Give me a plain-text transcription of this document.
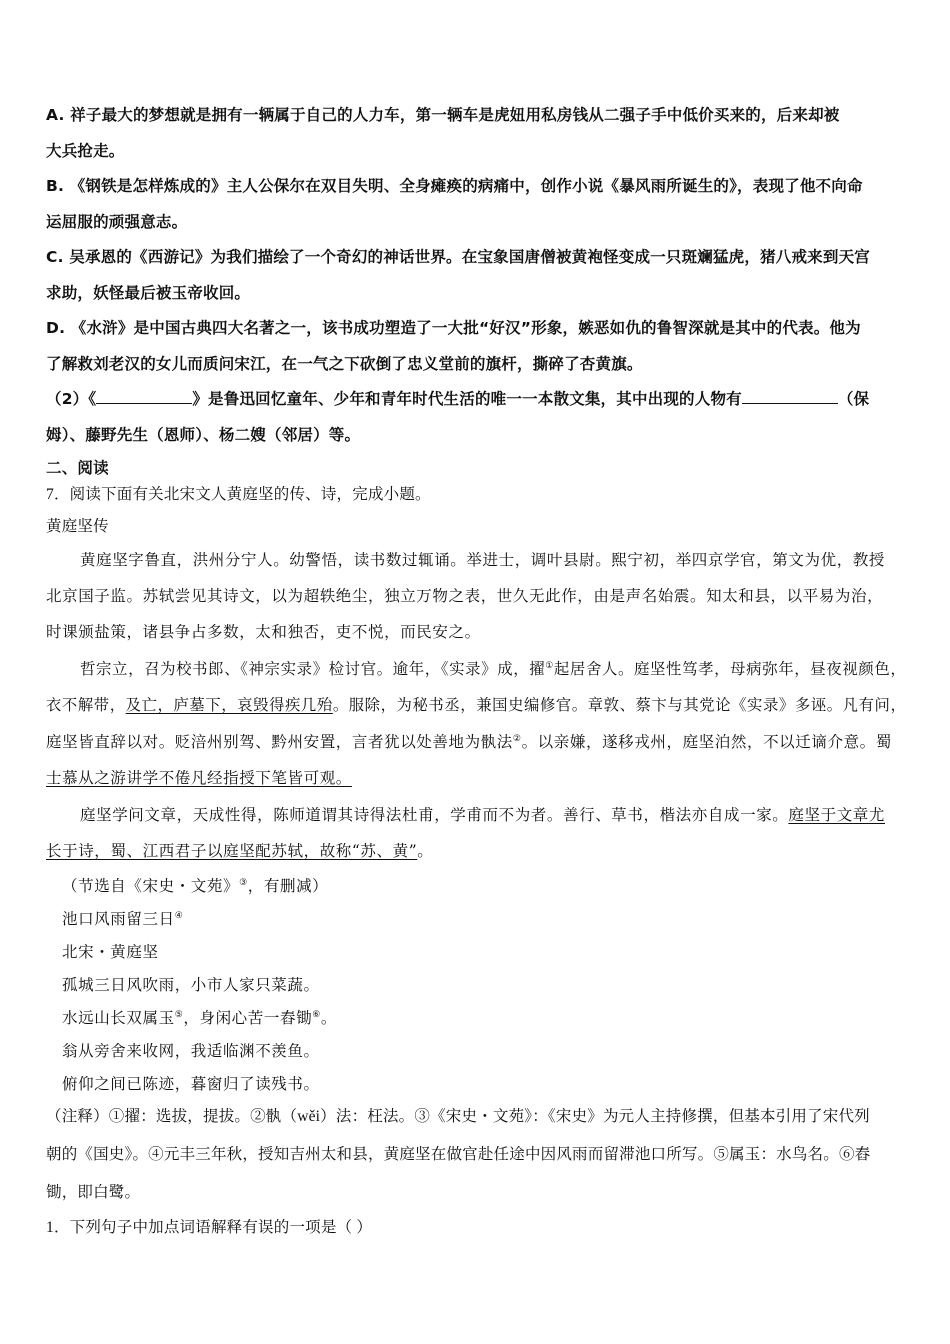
A. 祥子最大的梦想就是拥有一辆属于自己的人力车，第一辆车是虎妞用私房钱从二强子手中低价买来的，后来却被
大兵抢走。
B. 《钢铁是怎样炼成的》主人公保尔在双目失明、全身瘫痪的病痛中，创作小说《暴风雨所诞生的》，表现了他不向命
运屈服的顽强意志。
C. 吴承恩的《西游记》为我们描绘了一个奇幻的神话世界。在宝象国唐僧被黄袍怪变成一只斑斓猛虎，猪八戒来到天宫
求助，妖怪最后被玉帝收回。
D. 《水浒》是中国古典四大名著之一，该书成功塑造了一大批“好汉”形象，嫉恶如仇的鲁智深就是其中的代表。他为
了解救刘老汉的女儿而质问宋江，在一气之下砍倒了忠义堂前的旗杆，撕碎了杏黄旗。
（2）《	》是鲁迅回忆童年、少年和青年时代生活的唯一一本散文集，其中出现的人物有	（保
姆）、藤野先生（恩师）、杨二嫂（邻居）等。
二、阅读
7．阅读下面有关北宋文人黄庭坚的传、诗，完成小题。
黄庭坚传
黄庭坚字鲁直，洪州分宁人。幼警悟，读书数过辄诵。举进士，调叶县尉。熙宁初，举四京学官，第文为优，教授
北京国子监。苏轼尝见其诗文，以为超轶绝尘，独立万物之表，世久无此作，由是声名始震。知太和县，以平易为治，
时课颁盐策，诸县争占多数，太和独否，吏不悦，而民安之。
哲宗立，召为校书郎、《神宗实录》检讨官。逾年，《实录》成，擢①起居舍人。庭坚性笃孝，母病弥年，昼夜视颜色，
衣不解带，及亡，庐墓下，哀毁得疾几殆。服除，为秘书丞，兼国史编修官。章敦、蔡卞与其党论《实录》多诬。凡有问，
庭坚皆直辞以对。贬涪州别驾、黔州安置，言者犹以处善地为骫法②。以亲嫌，遂移戎州，庭坚泊然，不以迁谪介意。蜀
士慕从之游讲学不倦凡经指授下笔皆可观。
庭坚学问文章，天成性得，陈师道谓其诗得法杜甫，学甫而不为者。善行、草书，楷法亦自成一家。庭坚于文章尤
长于诗，蜀、江西君子以庭坚配苏轼，故称“苏、黄”。
（节选自《宋史・文苑》③，有删减）
池口风雨留三日④
北宋・黄庭坚
孤城三日风吹雨，小市人家只菜蔬。
水远山长双属玉⑤，身闲心苦一舂锄⑥。
翁从旁舍来收网，我适临渊不羡鱼。
俯仰之间已陈迹，暮窗归了读残书。
（注释）①擢：选拔，提拔。②骫（wěi）法：枉法。③《宋史・文苑》：《宋史》为元人主持修撰，但基本引用了宋代列
朝的《国史》。④元丰三年秋，授知吉州太和县，黄庭坚在做官赴任途中因风雨而留滞池口所写。⑤属玉：水鸟名。⑥舂
锄，即白鹭。
1．下列句子中加点词语解释有误的一项是（ ）
